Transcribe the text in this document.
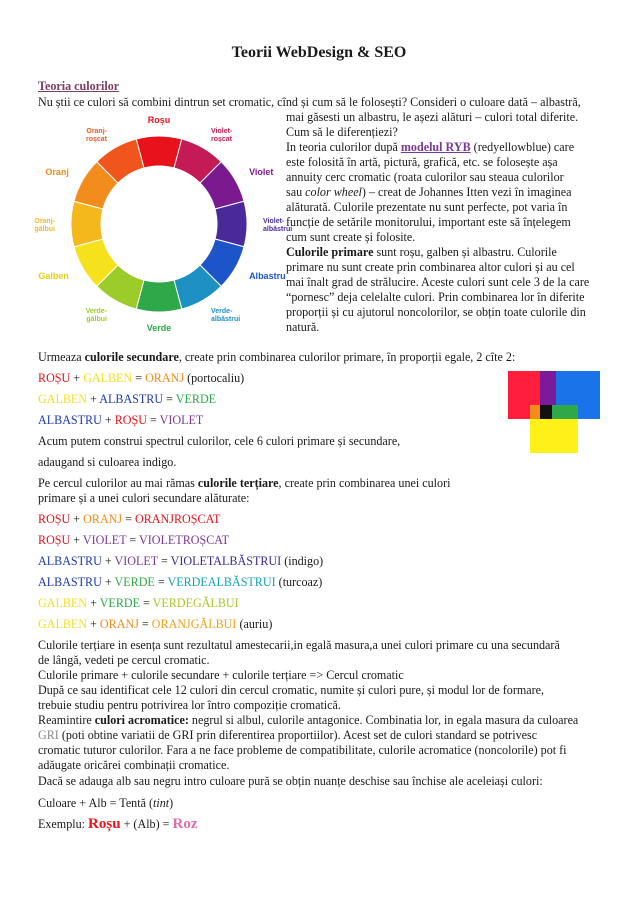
Teorii WebDesign & SEO
Teoria culorilor
Nu știi ce culori să combini dintrun set cromatic, cînd și cum să le folosești? Consideri o culoare dată – albastră,
Roșu
Violet-roșcat
Violet
Violet-albăstrui
Albastru
Verde-albăstrui
Verde
Verde-gălbui
Galben
Oranj-gălbui
Oranj
Oranj-roșcat
mai găsesti un albastru, le așezi alături – culori total diferite.
Cum să le diferențiezi?
In teoria culorilor după modelul RYB (redyellowblue) care
este folosită în artă, pictură, grafică, etc. se folosește așa
annuity cerc cromatic (roata culorilor sau steaua culorilor
sau color wheel) – creat de Johannes Itten vezi în imaginea
alăturată. Culorile prezentate nu sunt perfecte, pot varia în
funcție de setările monitorului, important este să înțelegem
cum sunt create și folosite.
Culorile primare sunt roșu, galben și albastru. Culorile
primare nu sunt create prin combinarea altor culori și au cel
mai înalt grad de strălucire. Aceste culori sunt cele 3 de la care
“pornesc” deja celelalte culori. Prin combinarea lor în diferite
proporții și cu ajutorul noncolorilor, se obțin toate culorile din
natură.
Urmeaza culorile secundare, create prin combinarea culorilor primare, în proporții egale, 2 cîte 2:
ROȘU + GALBEN = ORANJ (portocaliu)
GALBEN + ALBASTRU = VERDE
ALBASTRU + ROȘU = VIOLET
Acum putem construi spectrul culorilor, cele 6 culori primare și secundare,
adaugand si culoarea indigo.
Pe cercul culorilor au mai rămas culorile terțiare, create prin combinarea unei culori
primare și a unei culori secundare alăturate:
ROȘU + ORANJ = ORANJROȘCAT
ROȘU + VIOLET = VIOLETROȘCAT
ALBASTRU + VIOLET = VIOLETALBĂSTRUI (indigo)
ALBASTRU + VERDE = VERDEALBĂSTRUI (turcoaz)
GALBEN + VERDE = VERDEGĂLBUI
GALBEN + ORANJ = ORANJGĂLBUI (auriu)
Culorile terțiare in esența sunt rezultatul amestecarii,in egală masura,a unei culori primare cu una secundară
de lângă, vedeti pe cercul cromatic.
Culorile primare + culorile secundare + culorile terțiare => Cercul cromatic
După ce sau identificat cele 12 culori din cercul cromatic, numite și culori pure, și modul lor de formare,
trebuie studiu pentru potrivirea lor întro compoziție cromatică.
Reamintire culori acromatice: negrul si albul, culorile antagonice. Combinatia lor, in egala masura da culoarea
GRI (poti obtine variatii de GRI prin diferentirea proportiilor). Acest set de culori standard se potrivesc
cromatic tuturor culorilor. Fara a ne face probleme de compatibilitate, culorile acromatice (noncolorile) pot fi
adăugate oricărei combinații cromatice.
Dacă se adauga alb sau negru intro culoare pură se obțin nuanțe deschise sau închise ale aceleiași culori:
Culoare + Alb = Tentă (tint)
Exemplu: Roșu + (Alb) = Roz
